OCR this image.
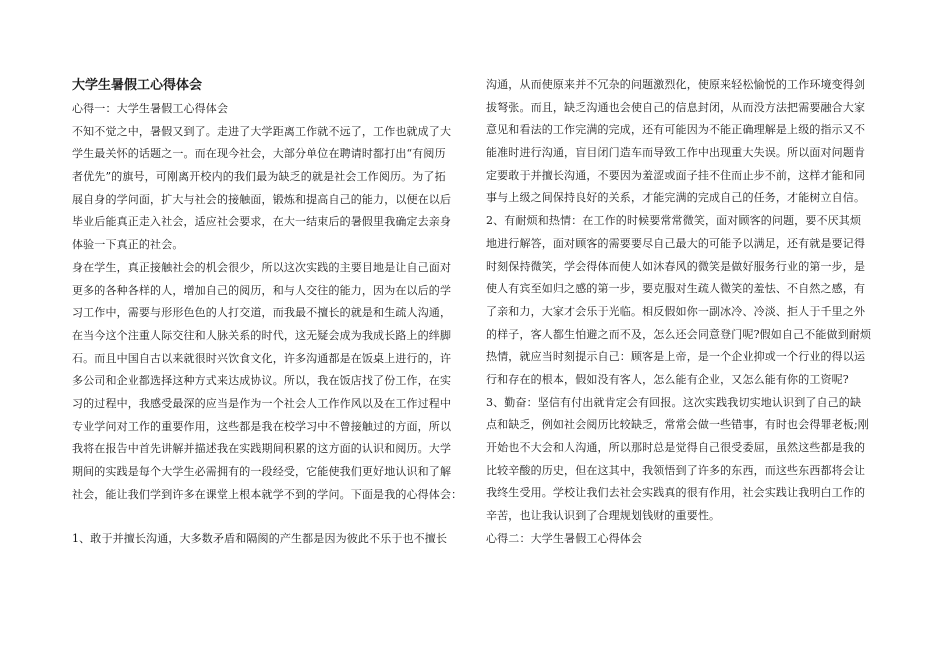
大学生暑假工心得体会
心得一：大学生暑假工心得体会
不知不觉之中，暑假又到了。走进了大学距离工作就不远了，工作也就成了大
学生最关怀的话题之一。而在现今社会，大部分单位在聘请时都打出“有阅历
者优先”的旗号，可刚离开校内的我们最为缺乏的就是社会工作阅历。为了拓
展自身的学问面，扩大与社会的接触面，锻炼和提高自己的能力，以便在以后
毕业后能真正走入社会，适应社会要求，在大一结束后的暑假里我确定去亲身
体验一下真正的社会。
身在学生，真正接触社会的机会很少，所以这次实践的主要目地是让自己面对
更多的各种各样的人，增加自己的阅历，和与人交往的能力，因为在以后的学
习工作中，需要与形形色色的人打交道，而我最不擅长的就是和生疏人沟通，
在当今这个注重人际交往和人脉关系的时代，这无疑会成为我成长路上的绊脚
石。而且中国自古以来就很时兴饮食文化，许多沟通都是在饭桌上进行的，许
多公司和企业都选择这种方式来达成协议。所以，我在饭店找了份工作，在实
习的过程中，我感受最深的应当是作为一个社会人工作作风以及在工作过程中
专业学问对工作的重要作用，这些都是我在校学习中不曾接触过的方面，所以
我将在报告中首先讲解并描述我在实践期间积累的这方面的认识和阅历。大学
期间的实践是每个大学生必需拥有的一段经受，它能使我们更好地认识和了解
社会，能让我们学到许多在课堂上根本就学不到的学问。下面是我的心得体会：
1、敢于并擅长沟通，大多数矛盾和隔阂的产生都是因为彼此不乐于也不擅长
沟通，从而使原来并不冗杂的问题激烈化，使原来轻松愉悦的工作环境变得剑
拔弩张。而且，缺乏沟通也会使自己的信息封闭，从而没方法把需要融合大家
意见和看法的工作完满的完成，还有可能因为不能正确理解是上级的指示又不
能准时进行沟通，盲目闭门造车而导致工作中出现重大失误。所以面对问题肯
定要敢于并擅长沟通，不要因为羞涩或面子挂不住而止步不前，这样才能和同
事与上级之间保持良好的关系，才能完满的完成自己的任务，才能树立自信。
2、有耐烦和热情：在工作的时候要常常微笑，面对顾客的问题，要不厌其烦
地进行解答，面对顾客的需要要尽自己最大的可能予以满足，还有就是要记得
时刻保持微笑，学会得体而使人如沐春风的微笑是做好服务行业的第一步，是
使人有宾至如归之感的第一步，要克服对生疏人微笑的羞怯、不自然之感，有
了亲和力，大家才会乐于光临。相反假如你一副冰冷、冷淡、拒人于千里之外
的样子，客人都生怕避之而不及，怎么还会同意登门呢?假如自己不能做到耐烦
热情，就应当时刻提示自己：顾客是上帝，是一个企业抑或一个行业的得以运
行和存在的根本，假如没有客人，怎么能有企业，又怎么能有你的工资呢?
3、勤奋：坚信有付出就肯定会有回报。这次实践我切实地认识到了自己的缺
点和缺乏，例如社会阅历比较缺乏，常常会做一些错事，有时也会得罪老板;刚
开始也不大会和人沟通，所以那时总是觉得自己很受委屈，虽然这些都是我的
比较辛酸的历史，但在这其中，我领悟到了许多的东西，而这些东西都将会让
我终生受用。学校让我们去社会实践真的很有作用，社会实践让我明白工作的
辛苦，也让我认识到了合理规划钱财的重要性。
心得二：大学生暑假工心得体会
